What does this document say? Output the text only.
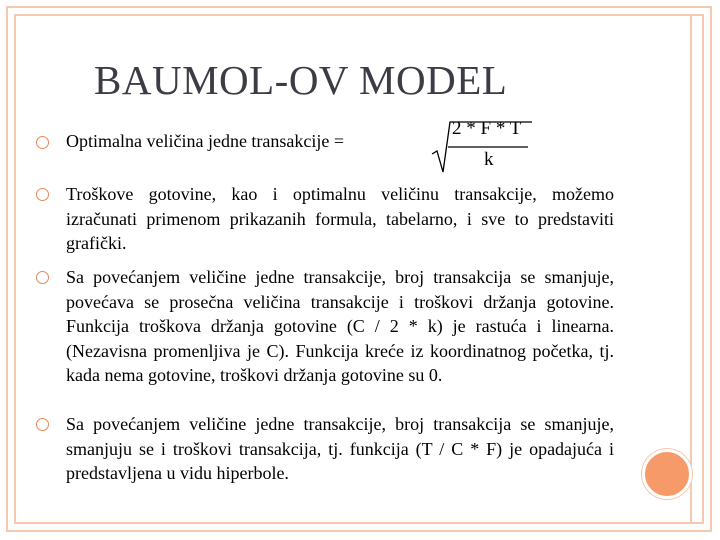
BAUMOL-OV MODEL
Optimalna veličina jedne transakcije =
2 * F * T
k
Troškove gotovine, kao i optimalnu veličinu transakcije, možemo izračunati primenom prikazanih formula, tabelarno, i sve to predstaviti grafički.
Sa povećanjem veličine jedne transakcije, broj transakcija se smanjuje, povećava se prosečna veličina transakcije i troškovi držanja gotovine. Funkcija troškova držanja gotovine (C / 2 * k) je rastuća i linearna. (Nezavisna promenljiva je C). Funkcija kreće iz koordinatnog početka, tj. kada nema gotovine, troškovi držanja gotovine su 0.
Sa povećanjem veličine jedne transakcije, broj transakcija se smanjuje, smanjuju se i troškovi transakcija, tj. funkcija (T / C * F) je opadajuća i predstavljena u vidu hiperbole.
